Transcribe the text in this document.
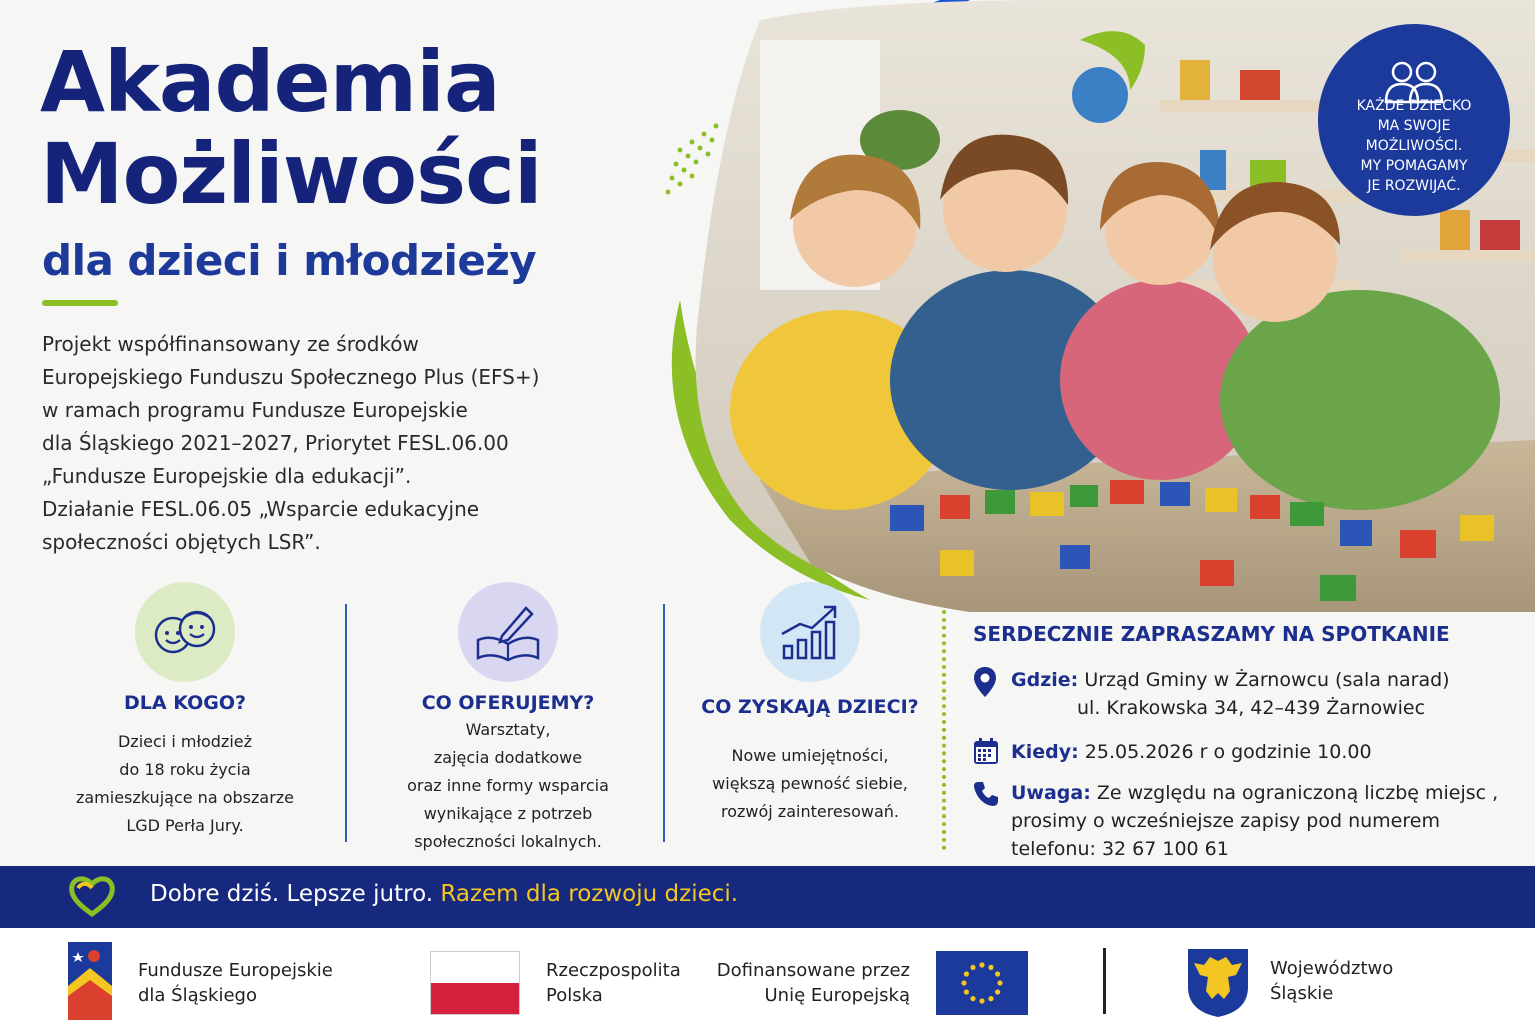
Akademia
Możliwości
dla dzieci i młodzieży
Projekt współfinansowany ze środków
Europejskiego Funduszu Społecznego Plus (EFS+)
w ramach programu Fundusze Europejskie
dla Śląskiego 2021–2027, Priorytet FESL.06.00
„Fundusze Europejskie dla edukacji”.
Działanie FESL.06.05 „Wsparcie edukacyjne
społeczności objętych LSR”.
KAŻDE DZIECKO
MA SWOJE
MOŻLIWOŚCI.
MY POMAGAMY
JE ROZWIJAĆ.
DLA KOGO?

Dzieci i młodzież
do 18 roku życia
zamieszkujące na obszarze
LGD Perła Jury.

CO OFERUJEMY?

Warsztaty,
zajęcia dodatkowe
oraz inne formy wsparcia
wynikające z potrzeb
społeczności lokalnych.

CO ZYSKAJĄ DZIECI?

Nowe umiejętności,
większą pewność siebie,
rozwój zainteresowań.

SERDECZNIE ZAPRASZAMY NA SPOTKANIE
Gdzie: Urząd Gminy w Żarnowcu (sala narad)
ul. Krakowska 34, 42–439 Żarnowiec
Kiedy: 25.05.2026 r o godzinie 10.00
Uwaga: Ze względu na ograniczoną liczbę miejsc ,
prosimy o wcześniejsze zapisy pod numerem
telefonu: 32 67 100 61
Dobre dziś. Lepsze jutro. Razem dla rozwoju dzieci.
Fundusze Europejskie
dla Śląskiego
Rzeczpospolita
Polska
Dofinansowane przez
Unię Europejską
Województwo
Śląskie
